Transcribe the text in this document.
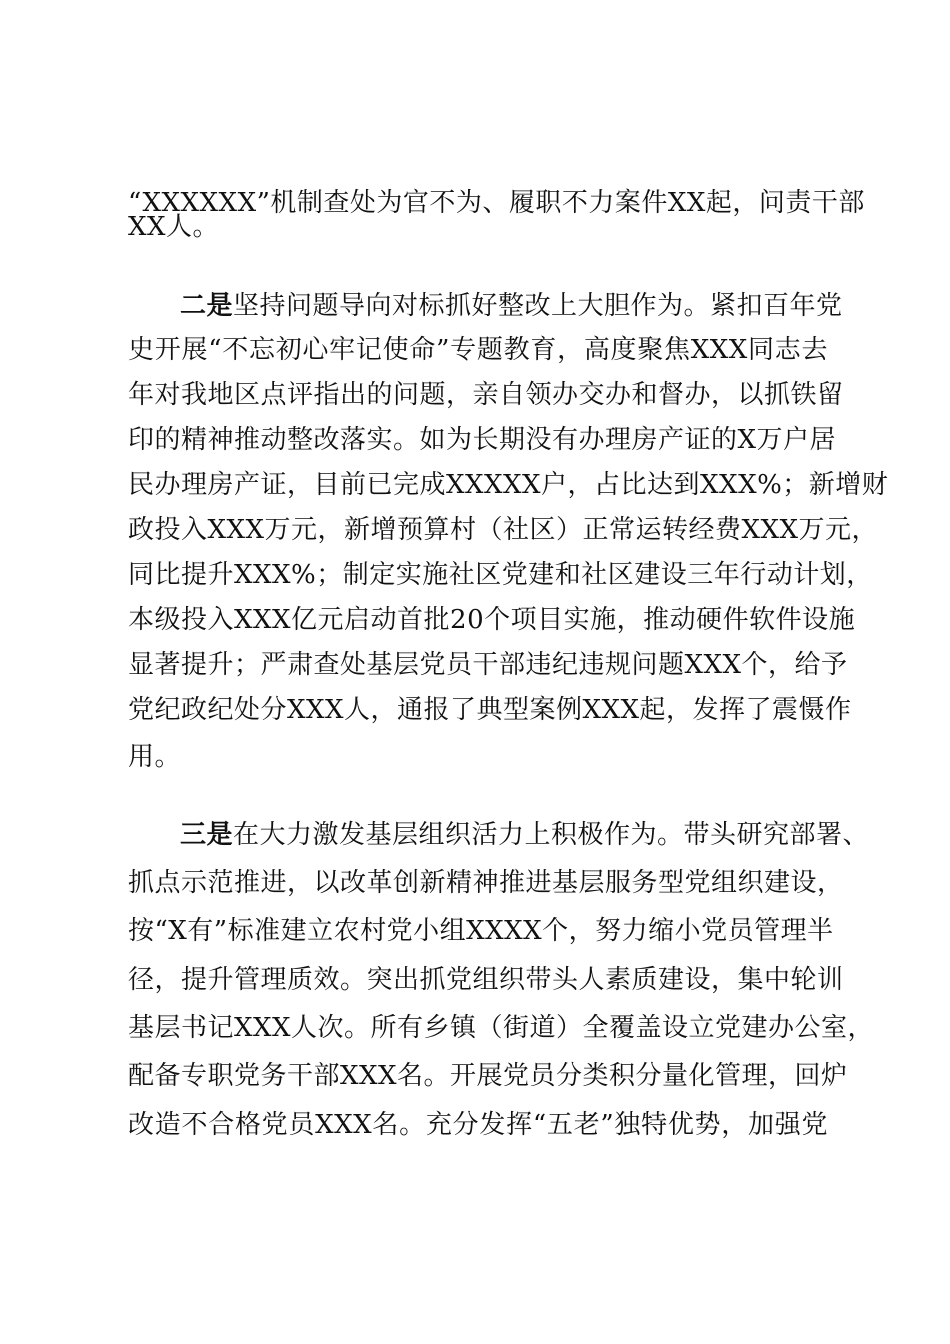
“XXXXXX”机制查处为官不为、履职不力案件XX起，问责干部
XX人。
二是坚持问题导向对标抓好整改上大胆作为。紧扣百年党
史开展“不忘初心牢记使命”专题教育，高度聚焦XXX同志去
年对我地区点评指出的问题，亲自领办交办和督办，以抓铁留
印的精神推动整改落实。如为长期没有办理房产证的X万户居
民办理房产证，目前已完成XXXXX户，占比达到XXX%；新增财
政投入XXX万元，新增预算村（社区）正常运转经费XXX万元，
同比提升XXX%；制定实施社区党建和社区建设三年行动计划，
本级投入XXX亿元启动首批20个项目实施，推动硬件软件设施
显著提升；严肃查处基层党员干部违纪违规问题XXX个，给予
党纪政纪处分XXX人，通报了典型案例XXX起，发挥了震慑作
用。
三是在大力激发基层组织活力上积极作为。带头研究部署、
抓点示范推进，以改革创新精神推进基层服务型党组织建设，
按“X有”标准建立农村党小组XXXX个，努力缩小党员管理半
径，提升管理质效。突出抓党组织带头人素质建设，集中轮训
基层书记XXX人次。所有乡镇（街道）全覆盖设立党建办公室，
配备专职党务干部XXX名。开展党员分类积分量化管理，回炉
改造不合格党员XXX名。充分发挥“五老”独特优势，加强党
